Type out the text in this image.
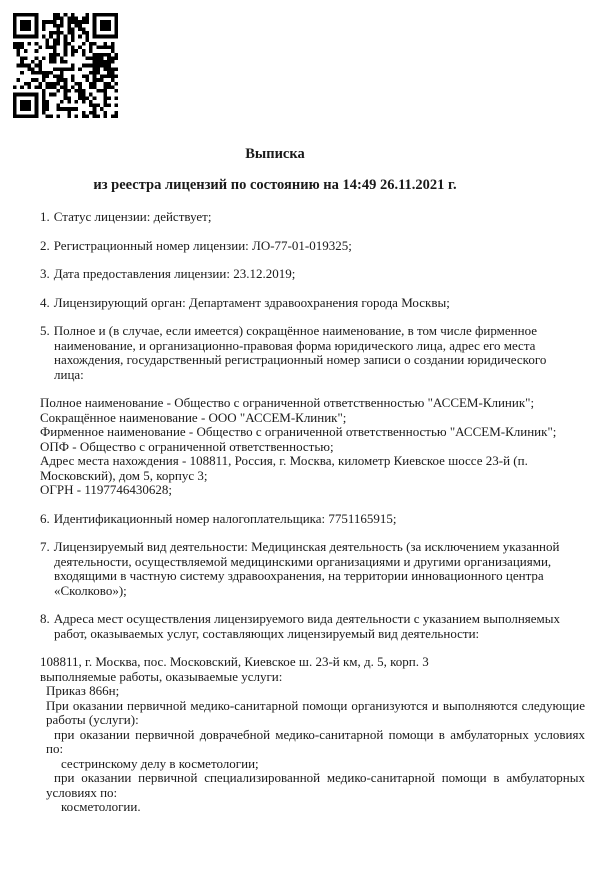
Выписка
из реестра лицензий по состоянию на 14:49 26.11.2021 г.
1. Статус лицензии: действует;
2. Регистрационный номер лицензии: ЛО-77-01-019325;
3. Дата предоставления лицензии: 23.12.2019;
4. Лицензирующий орган: Департамент здравоохранения города Москвы;
5. Полное и (в случае, если имеется) сокращённое наименование, в том числе фирменное наименование, и организационно-правовая форма юридического лица, адрес его места нахождения, государственный регистрационный номер записи о создании юридического лица:
Полное наименование - Общество с ограниченной ответственностью "АССЕМ-Клиник";
Сокращённое наименование - ООО "АССЕМ-Клиник";
Фирменное наименование - Общество с ограниченной ответственностью "АССЕМ-Клиник";
ОПФ - Общество с ограниченной ответственностью;
Адрес места нахождения - 108811, Россия, г. Москва, километр Киевское шоссе 23-й (п. Московский), дом 5, корпус 3;
ОГРН - 1197746430628;
6. Идентификационный номер налогоплательщика: 7751165915;
7. Лицензируемый вид деятельности: Медицинская деятельность (за исключением указанной деятельности, осуществляемой медицинскими организациями и другими организациями, входящими в частную систему здравоохранения, на территории инновационного центра «Сколково»);
8. Адреса мест осуществления лицензируемого вида деятельности с указанием выполняемых работ, оказываемых услуг, составляющих лицензируемый вид деятельности:

108811, г. Москва, пос. Московский, Киевское ш. 23-й км, д. 5, корп. 3

выполняемые работы, оказываемые услуги:

Приказ 866н;

При оказании первичной медико-санитарной помощи организуются и выполняются следующие работы (услуги):

при оказании первичной доврачебной медико-санитарной помощи в амбулаторных условиях по:

сестринскому делу в косметологии;

при оказании первичной специализированной медико-санитарной помощи в амбулаторных условиях по:

косметологии.
